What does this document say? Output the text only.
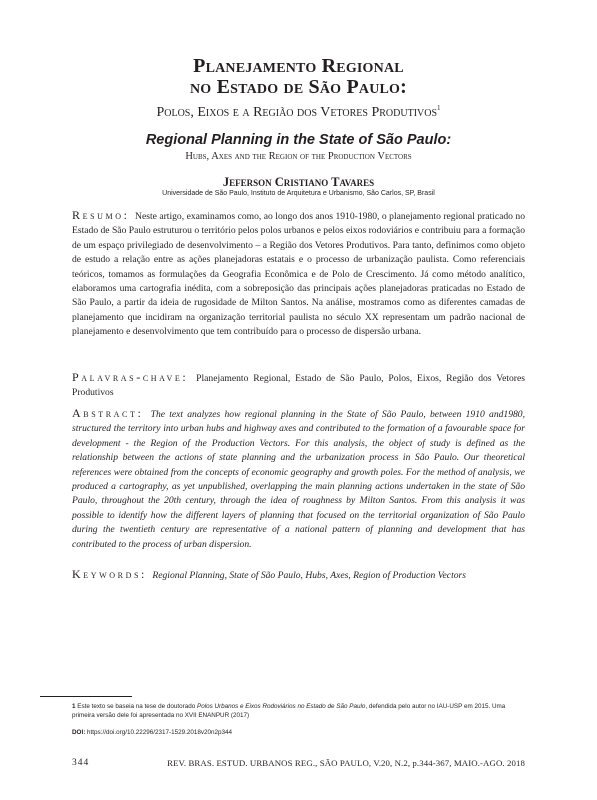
Planejamento Regional
no Estado de São Paulo:
Polos, Eixos e a Região dos Vetores Produtivos$^1$
Regional Planning in the State of São Paulo:
Hubs, Axes and the Region of the Production Vectors
Jeferson Cristiano Tavares
Universidade de São Paulo, Instituto de Arquitetura e Urbanismo, São Carlos, SP, Brasil
Resumo: Neste artigo, examinamos como, ao longo dos anos 1910-1980, o planejamento regional praticado no Estado de São Paulo estruturou o território pelos polos urbanos e pelos eixos rodoviários e contribuiu para a formação de um espaço privilegiado de desenvolvimento – a Região dos Vetores Produtivos. Para tanto, definimos como objeto de estudo a relação entre as ações planejadoras estatais e o processo de urbanização paulista. Como referenciais teóricos, tomamos as formulações da Geografia Econômica e de Polo de Crescimento. Já como método analítico, elaboramos uma cartografia inédita, com a sobreposição das principais ações planejadoras praticadas no Estado de São Paulo, a partir da ideia de rugosidade de Milton Santos. Na análise, mostramos como as diferentes camadas de planejamento que incidiram na organização territorial paulista no século XX representam um padrão nacional de planejamento e desenvolvimento que tem contribuído para o processo de dispersão urbana.
Palavras-chave: Planejamento Regional, Estado de São Paulo, Polos, Eixos, Região dos Vetores Produtivos
Abstract: The text analyzes how regional planning in the State of São Paulo, between 1910 and1980, structured the territory into urban hubs and highway axes and contributed to the formation of a favourable space for development - the Region of the Production Vectors. For this analysis, the object of study is defined as the relationship between the actions of state planning and the urbanization process in São Paulo. Our theoretical references were obtained from the concepts of economic geography and growth poles. For the method of analysis, we produced a cartography, as yet unpublished, overlapping the main planning actions undertaken in the state of São Paulo, throughout the 20th century, through the idea of roughness by Milton Santos. From this analysis it was possible to identify how the different layers of planning that focused on the territorial organization of São Paulo during the twentieth century are representative of a national pattern of planning and development that has contributed to the process of urban dispersion.
Keywords: Regional Planning, State of São Paulo, Hubs, Axes, Region of Production Vectors
1 Este texto se baseia na tese de doutorado Polos Urbanos e Eixos Rodoviários no Estado de São Paulo, defendida pelo autor no IAU-USP em 2015. Uma primeira versão dele foi apresentada no XVII ENANPUR (2017)
DOI: https://doi.org/10.22296/2317-1529.2018v20n2p344
344	REV. BRAS. ESTUD. URBANOS REG., SÃO PAULO, V.20, N.2, p.344-367, MAIO.-AGO. 2018
